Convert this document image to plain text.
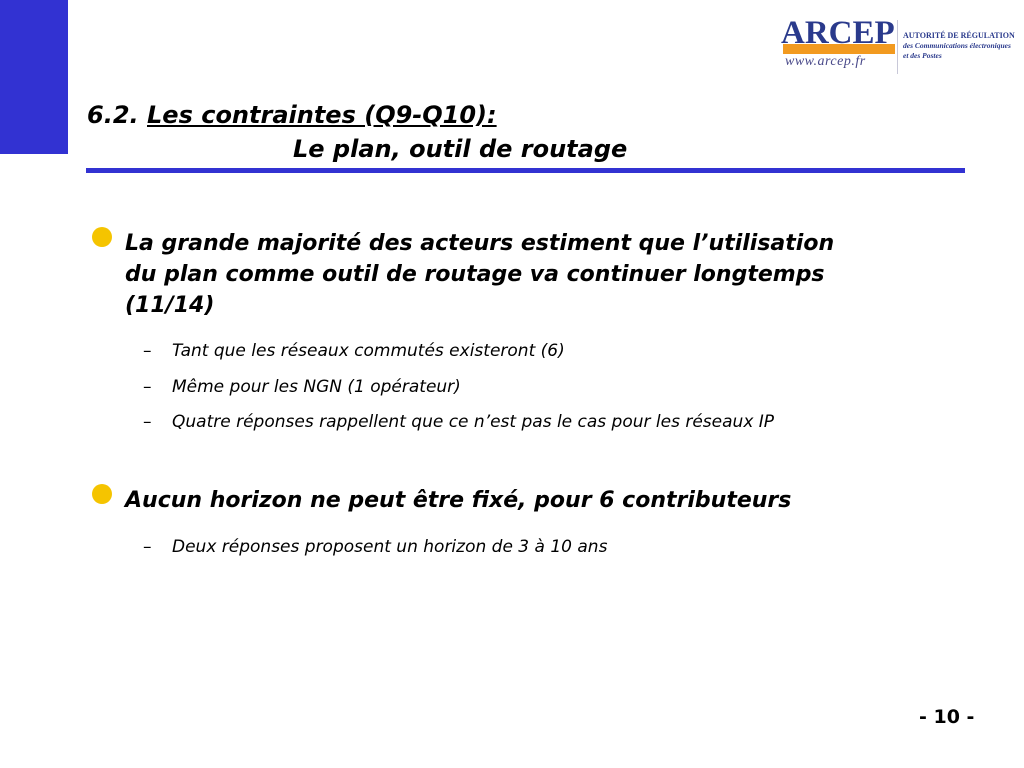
ARCEP
www.arcep.fr
AUTORITÉ DE RÉGULATION
des Communications électroniques
et des Postes
6.2. Les contraintes (Q9-Q10):
Le plan, outil de routage
La grande majorité des acteurs estiment que l’utilisation du plan comme outil de routage va continuer longtemps (11/14)
– Tant que les réseaux commutés existeront (6)
– Même pour les NGN (1 opérateur)
– Quatre réponses rappellent que ce n’est pas le cas pour les réseaux IP
Aucun horizon ne peut être fixé, pour 6 contributeurs
– Deux réponses proposent un horizon de 3 à 10 ans
- 10 -
